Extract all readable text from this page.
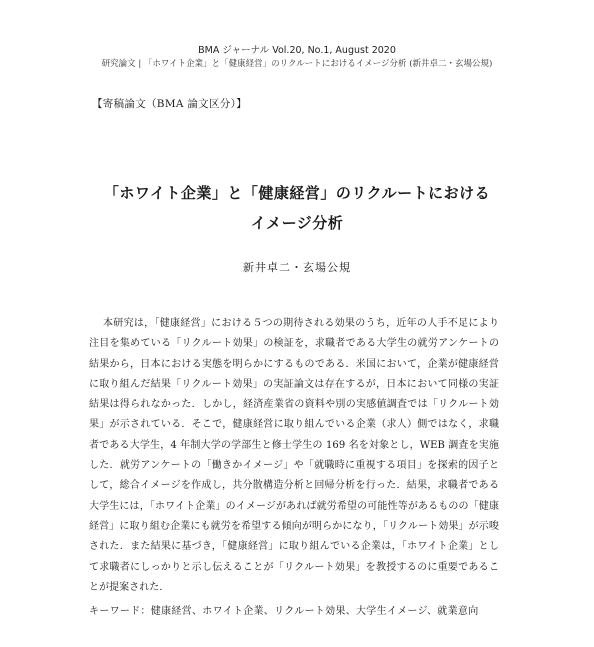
BMA ジャーナル Vol.20, No.1, August 2020
研究論文 | 「ホワイト企業」と「健康経営」のリクルートにおけるイメージ分析 (新井卓二・玄場公規)
【寄稿論文（BMA 論文区分）】
「ホワイト企業」と「健康経営」のリクルートにおける
イメージ分析
新井卓二・玄場公規
本研究は，「健康経営」における５つの期待される効果のうち，近年の人手不足により注目を集めている「リクルート効果」の検証を，求職者である大学生の就労アンケートの結果から，日本における実態を明らかにするものである．米国において，企業が健康経営に取り組んだ結果「リクルート効果」の実証論文は存在するが，日本において同様の実証結果は得られなかった．しかし，経済産業省の資料や別の実感値調査では「リクルート効果」が示されている．そこで，健康経営に取り組んでいる企業（求人）側ではなく，求職者である大学生，4 年制大学の学部生と修士学生の 169 名を対象とし，WEB 調査を実施した．就労アンケートの「働きかイメージ」や「就職時に重視する項目」を探索的因子として，総合イメージを作成し，共分散構造分析と回帰分析を行った．結果，求職者である大学生には，「ホワイト企業」のイメージがあれば就労希望の可能性等があるものの「健康経営」に取り組む企業にも就労を希望する傾向が明らかになり，「リクルート効果」が示唆された．また結果に基づき，「健康経営」に取り組んでいる企業は，「ホワイト企業」として求職者にしっかりと示し伝えることが「リクルート効果」を教授するのに重要であることが提案された．
キーワード：健康経営、ホワイト企業、リクルート効果、大学生イメージ、就業意向
